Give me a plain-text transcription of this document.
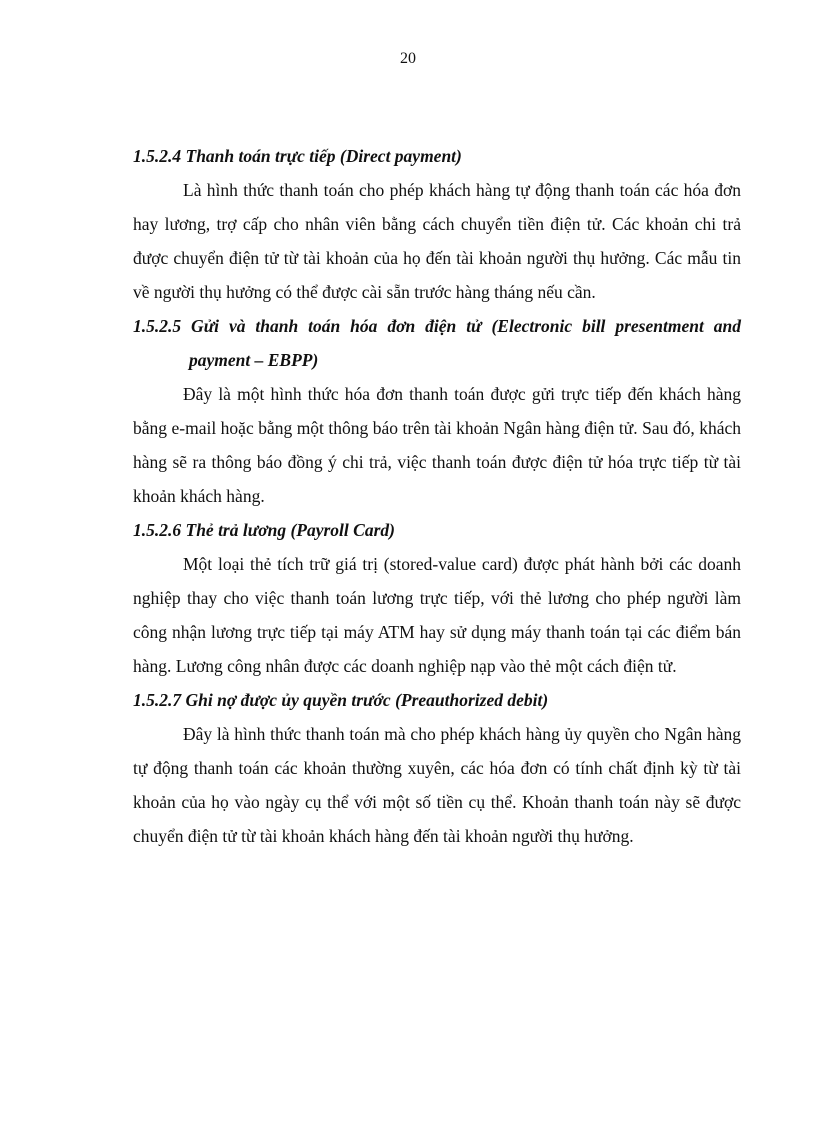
20

1.5.2.4 Thanh toán trực tiếp (Direct payment)

Là hình thức thanh toán cho phép khách hàng tự động thanh toán các hóa đơn hay lương, trợ cấp cho nhân viên bằng cách chuyển tiền điện tử. Các khoản chi trả được chuyển điện tử từ tài khoản của họ đến tài khoản người thụ hưởng. Các mẫu tin về người thụ hưởng có thể được cài sẵn trước hàng tháng nếu cần.

1.5.2.5 Gửi và thanh toán hóa đơn điện tử (Electronic bill presentment and
payment – EBPP)

Đây là một hình thức hóa đơn thanh toán được gửi trực tiếp đến khách hàng bằng e-mail hoặc bằng một thông báo trên tài khoản Ngân hàng điện tử. Sau đó, khách hàng sẽ ra thông báo đồng ý chi trả, việc thanh toán được điện tử hóa trực tiếp từ tài khoản khách hàng.

1.5.2.6 Thẻ trả lương (Payroll Card)

Một loại thẻ tích trữ giá trị (stored-value card) được phát hành bởi các doanh nghiệp thay cho việc thanh toán lương trực tiếp, với thẻ lương cho phép người làm công nhận lương trực tiếp tại máy ATM hay sử dụng máy thanh toán tại các điểm bán hàng. Lương công nhân được các doanh nghiệp nạp vào thẻ một cách điện tử.

1.5.2.7 Ghi nợ được ủy quyền trước (Preauthorized debit)

Đây là hình thức thanh toán mà cho phép khách hàng ủy quyền cho Ngân hàng tự động thanh toán các khoản thường xuyên, các hóa đơn có tính chất định kỳ từ tài khoản của họ vào ngày cụ thể với một số tiền cụ thể. Khoản thanh toán này sẽ được chuyển điện tử từ tài khoản khách hàng đến tài khoản người thụ hưởng.
